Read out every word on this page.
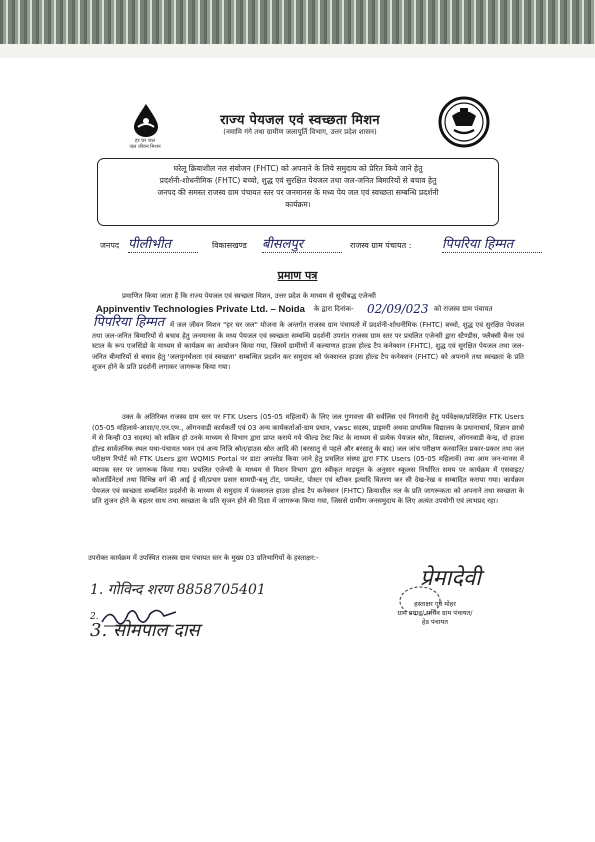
हर घर जल
जल जीवन मिशन
राज्य पेयजल एवं स्वच्छता मिशन
(नमामि गंगे तथा ग्रामीण जलापूर्ति विभाग, उत्तर प्रदेश शासन)
घरेलू क्रियाशील नल संयोजन (FHTC) को अपनाने के लिये समुदाय को प्रेरित किये जाने हेतु
प्रदर्शनी-शोधनीमिक (FHTC) बच्चो, शुद्ध एवं सुरक्षित पेयजल तथा जल-जनित बिमारियों से बचाव हेतु
जनपद की समस्त राजस्व ग्राम पंचायत स्तर पर जनमानस के मध्य पेय जल एवं स्वच्छता सम्बन्धि प्रदर्शनी
कार्यक्रम।
जनपद पीलीभीत	विकासखण्ड बीसलपुर	राजस्व ग्राम पंचायत : पिपरिया हिम्मत
प्रमाण पत्र
प्रमाणित किया जाता है कि राज्य पेयजल एवं स्वच्छता मिशन, उत्तर प्रदेश के माध्यम से सूचीबद्ध एजेन्सी
Appinventiv Technologies Private Ltd. – Noida के द्वारा दिनांक- 02/09/023 को राजस्व ग्राम पंचायत
पिपरिया हिम्मत में जल जीवन मिशन "हर घर जल" योजना के अन्तर्गत राजस्व ग्राम पंचायतो में प्रदर्शनी-शोधनीमिक (FHTC) बच्चो, शुद्ध एवं सुरक्षित पेयजल तथा जल-जनित बिमारियों से बचाव हेतु जनमानस के मध्य पेयजल एवं स्वच्छता सम्बन्धि प्रदर्शनी उपरांत राजस्व ग्राम स्तर पर प्रचलित एजेन्सी द्वारा स्टैण्डीस, फ्लैक्सी बैनर एवं स्टाल के रूप एजसिंडो के माध्यम से कार्यक्रम का आयोजन किया गया, जिसमें ग्रामीणों में कल्याणत हाउस होल्ड टैप कनेक्शन (FHTC), शुद्ध एवं सुरक्षित पेयजल तथा जल-जनित बीमारियों से बचाव हेतु 'जलपुनर्चलता एवं स्वच्छता' सम्बन्धित प्रदर्शन कर समुदाय को फंक्शनल हाउस होल्ड टैप कनेक्शन (FHTC) को अपनाने तथा स्वच्छता के प्रति शुजन होने के प्रति प्रदर्शनी लगाकर जागरूक किया गया।
उक्त के अतिरिक्त राजस्व ग्राम स्तर पर FTK Users (05-05 महिलायें) के लिए जल गुणवत्ता की सर्वलिस एवं निगरानी हेतु पर्यवेक्षक/प्रशिक्षित FTK Users (05-05 महिलाये-आशा/ए.एन.एम., ऑगनवाडी कार्यकर्ती एवं 03 अन्य कार्यकर्ताओं-ग्राम प्रधान, vwsc सदस्य, प्राइमरी अथवा प्राथमिक विद्यालय के प्रधानाचार्य, विज्ञान छात्रो में से किन्ही 03 सदस्य) को सक्रिय हो उनके माध्यम से विभाग द्वारा प्राप्त कराये गये फील्ड टेस्ट किट के माध्यम से प्रत्येक पेयजल स्रोत, विद्यालय, ऑगनवाडी केन्द्र, दो हाउस होल्ड सार्वजनिक स्थल यथा-पंचायत भवन एवं अन्य निजि स्रोत/हाउस स्रोत आदि की (बरसातु से पहले और बरसातु के बाद) जल जांच परीक्षण करवाजित प्रकार-प्रकार तथा जल परीक्षण रिपोर्ट को FTK Users द्वारा WQMIS Portal पर डाटा अपलोड किया जाने हेतु प्रचलित संस्था द्वारा FTK Users (05-05 महिलायें) तथा आम जन-मानस में व्यापक स्तर पर जागरूक किया गया। प्रचलित एजेन्सी के माध्यम से मिशन विभाग द्वारा स्वीकृत माडयूल के अनुसार स्कूलस निर्धारित समय पर कार्यक्रम में एसवाइट/कोआर्डिनेटर्स तथा विभिन्न वर्ग की आई ई सी/प्रचार प्रसार सामग्री-बलू टोट, पम्पलेट, पोस्टर एवं स्टीकर इत्यादि वितरण कर सी देख-रेख व सम्बादित कराया गया। कार्यक्रम पेयजल एवं स्वच्छता सम्बन्धित प्रदर्शनी के माध्यम से समुदाय में फंक्शनल हाउस होल्ड टैप कनेक्शन (FHTC) क्रियाशील नल के प्रति जागरूकता को अपनाने तथा स्वच्छता के प्रति शुजन होने के बहतर साथ तथा स्वच्छता के प्रति सृजन होने की दिशा में जागरूक किया गया, जिससे ग्रामीण जनसमुदाय के लिए अत्यंत उपयोगी एवं लाभप्रद रहा।
उपरोक्त कार्यक्रम में उपस्थित राजस्व ग्राम पंचायत स्तर के मुख्य 03 प्रतिभागियों के हस्ताक्षर:-
1. गोविन्द शरण 8858705401
2.
3. सोमपाल दास
प्रेमादेवी
हस्ताक्षर एवं मोहर
ग्राम प्रधान/ सचिव ग्राम पंचायत/
हेड पंचायत
